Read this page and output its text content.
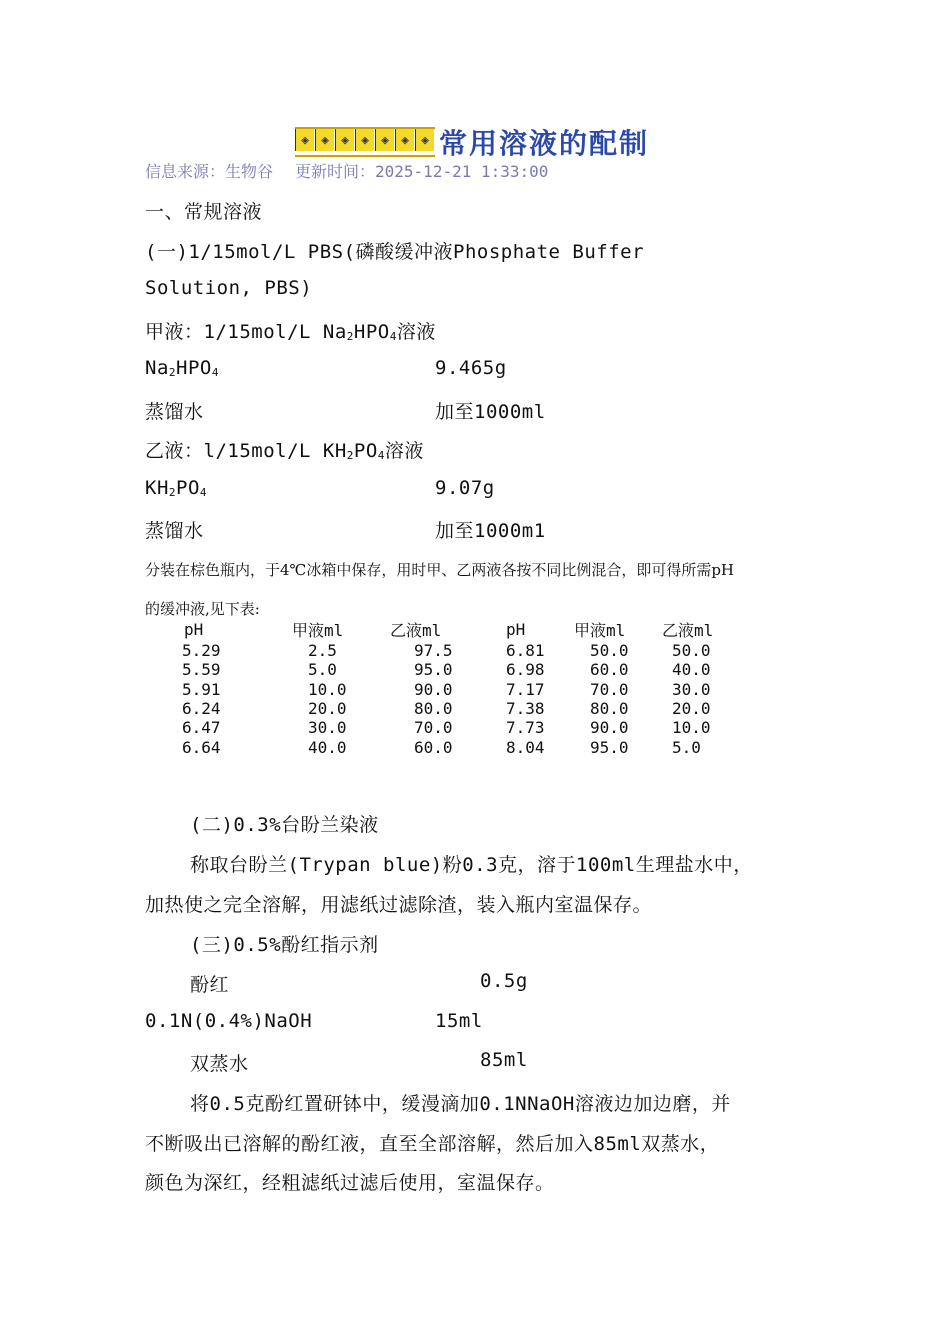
◈ ◈ ◈ ◈ ◈ ◈ ◈ 常用溶液的配制
信息来源：生物谷 更新时间：2025-12-21 1:33:00
一、常规溶液
(一)1/15mol/L PBS(磷酸缓冲液Phosphate Buffer
Solution, PBS)
甲液：1/15mol/L $Na_2HPO_4$溶液
$Na_2HPO_4$	9.465g
蒸馏水	加至1000ml
乙液：l/15mol/L $KH_2PO_4$溶液
$KH_2PO_4$	9.07g
蒸馏水	加至1000m1
分装在棕色瓶内，于4℃冰箱中保存，用时甲、乙两液各按不同比例混合，即可得所需pH
的缓冲液,见下表:
pH	甲液ml	乙液ml	pH	甲液ml	乙液ml
5.29	2.5	97.5	6.81	50.0	50.0
5.59	5.0	95.0	6.98	60.0	40.0
5.91	10.0	90.0	7.17	70.0	30.0
6.24	20.0	80.0	7.38	80.0	20.0
6.47	30.0	70.0	7.73	90.0	10.0
6.64	40.0	60.0	8.04	95.0	5.0
(二)0.3%台盼兰染液
称取台盼兰(Trypan blue)粉0.3克，溶于100ml生理盐水中，
加热使之完全溶解，用滤纸过滤除渣，装入瓶内室温保存。
(三)0.5%酚红指示剂
酚红	0.5g
0.1N(0.4%)NaOH	15ml
双蒸水	85ml
将0.5克酚红置研钵中，缓漫滴加0.1NNaOH溶液边加边磨，并
不断吸出已溶解的酚红液，直至全部溶解，然后加入85ml双蒸水，
颜色为深红，经粗滤纸过滤后使用，室温保存。
